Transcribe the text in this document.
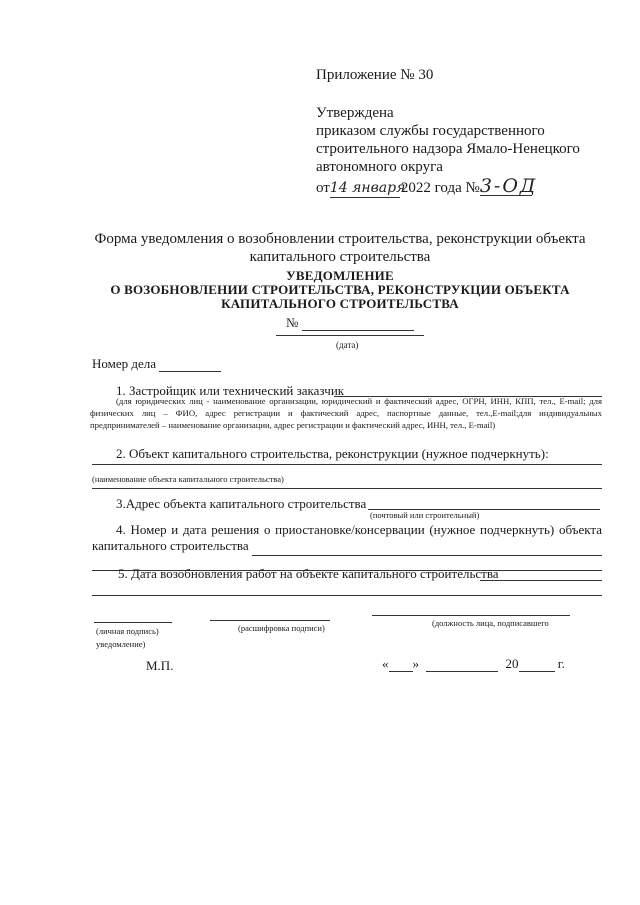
Приложение № 30
Утверждена
приказом службы государственного
строительного надзора Ямало-Ненецкого
автономного округа
от14 января2022 года №3-ОД
Форма уведомления о возобновлении строительства, реконструкции объекта
капитального строительства
УВЕДОМЛЕНИЕ
О ВОЗОБНОВЛЕНИИ СТРОИТЕЛЬСТВА, РЕКОНСТРУКЦИИ ОБЪЕКТА
КАПИТАЛЬНОГО СТРОИТЕЛЬСТВА
№
(дата)
Номер дела
1. Застройщик или технический заказчик
(для юридических лиц - наименование организации, юридический и фактический адрес, ОГРН, ИНН, КПП, тел., E-mail; для физических лиц – ФИО, адрес регистрации и фактический адрес, паспортные данные, тел.,E-mail;для индивидуальных предпринимателей – наименование организации, адрес регистрации и фактический адрес, ИНН, тел., E-mail)
2. Объект капитального строительства, реконструкции (нужное подчеркнуть):
(наименование объекта капитального строительства)
3.Адрес объекта капитального строительства
(почтовый или строительный)
4. Номер и дата решения о приостановке/консервации (нужное подчеркнуть) объекта капитального строительства
5. Дата возобновления работ на объекте капитального строительства
(личная подпись)
уведомление)
(расшифровка подписи)	(должность лица, подписавшего
М.П.	« »	20	г.
